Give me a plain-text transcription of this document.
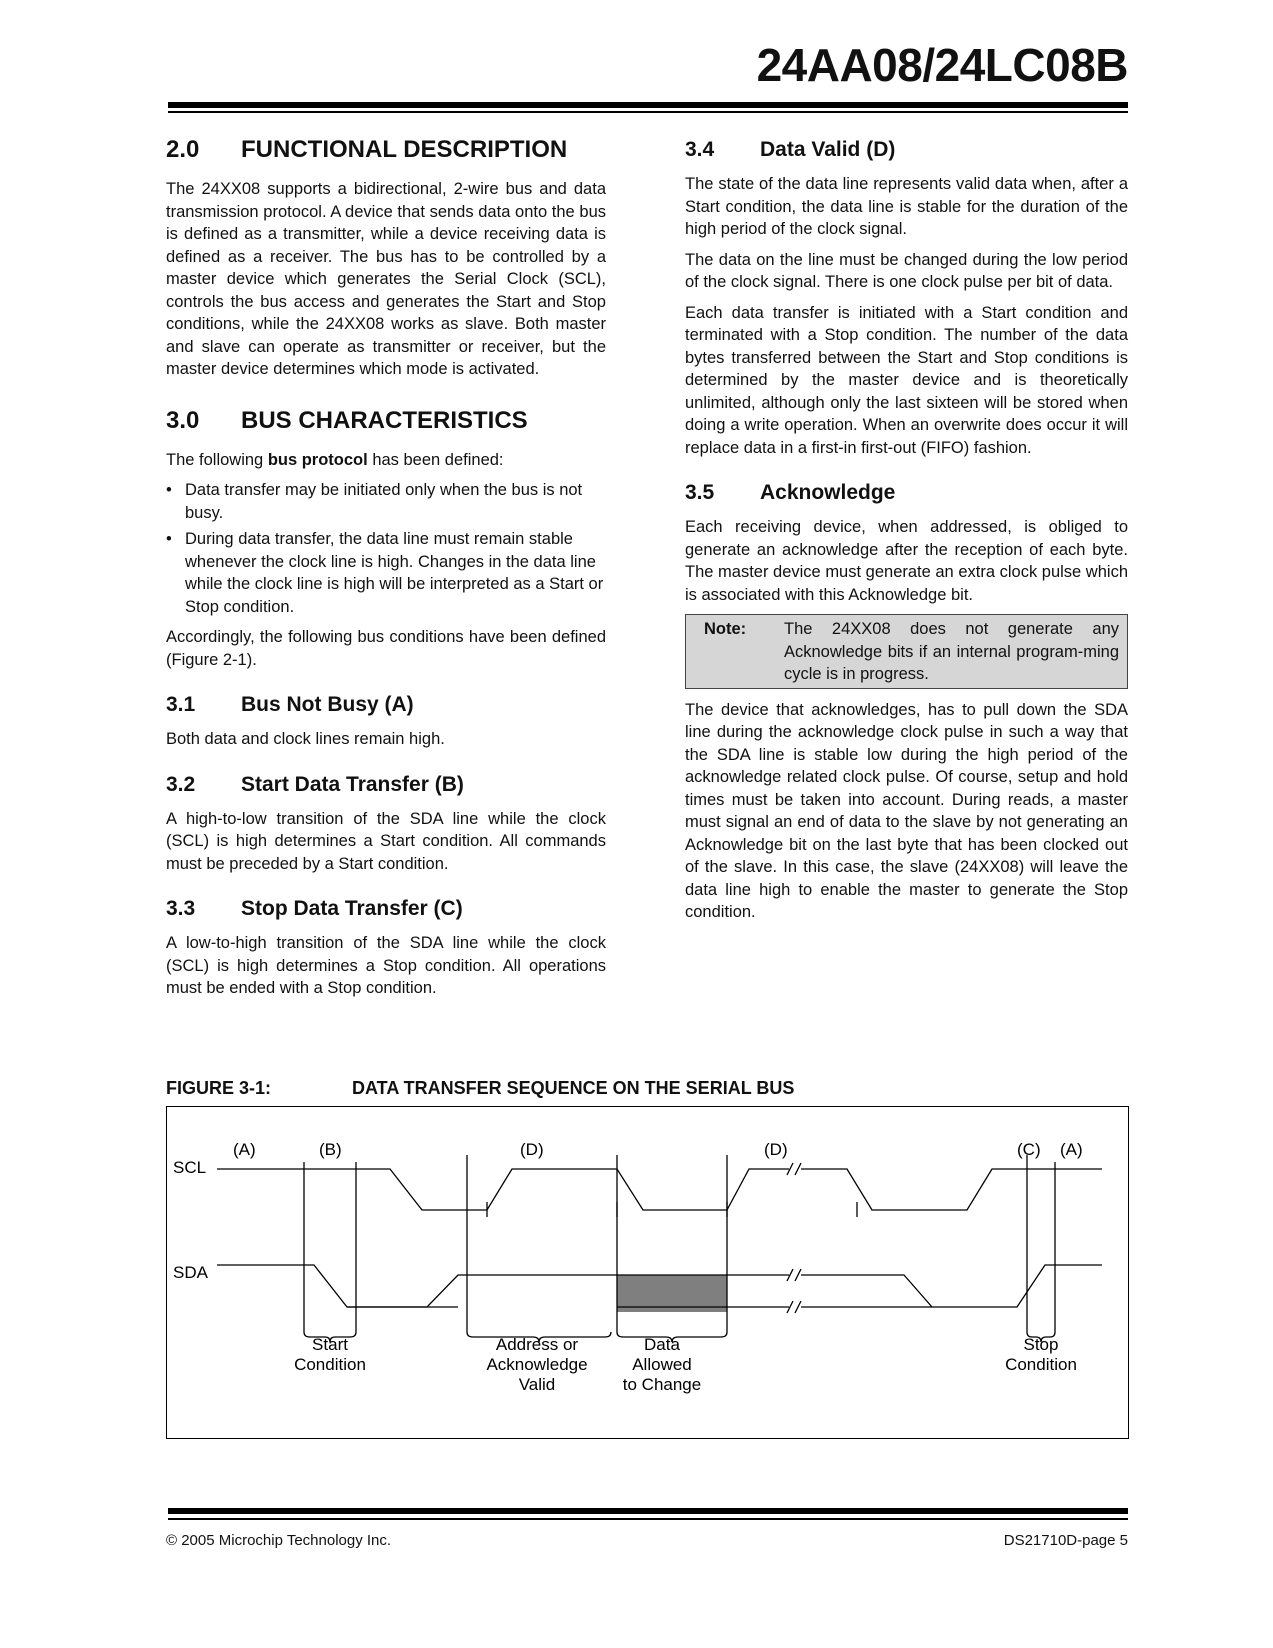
24AA08/24LC08B
2.0	FUNCTIONAL DESCRIPTION

The 24XX08 supports a bidirectional, 2-wire bus and data transmission protocol. A device that sends data onto the bus is defined as a transmitter, while a device receiving data is defined as a receiver. The bus has to be controlled by a master device which generates the Serial Clock (SCL), controls the bus access and generates the Start and Stop conditions, while the 24XX08 works as slave. Both master and slave can operate as transmitter or receiver, but the master device determines which mode is activated.

3.0	BUS CHARACTERISTICS

The following bus protocol has been defined:

• Data transfer may be initiated only when the bus is not busy.
• During data transfer, the data line must remain stable whenever the clock line is high. Changes in the data line while the clock line is high will be interpreted as a Start or Stop condition.

Accordingly, the following bus conditions have been defined (Figure 2-1).

3.1	Bus Not Busy (A)

Both data and clock lines remain high.

3.2	Start Data Transfer (B)

A high-to-low transition of the SDA line while the clock (SCL) is high determines a Start condition. All commands must be preceded by a Start condition.

3.3	Stop Data Transfer (C)

A low-to-high transition of the SDA line while the clock (SCL) is high determines a Stop condition. All operations must be ended with a Stop condition.

3.4	Data Valid (D)

The state of the data line represents valid data when, after a Start condition, the data line is stable for the duration of the high period of the clock signal.

The data on the line must be changed during the low period of the clock signal. There is one clock pulse per bit of data.

Each data transfer is initiated with a Start condition and terminated with a Stop condition. The number of the data bytes transferred between the Start and Stop conditions is determined by the master device and is theoretically unlimited, although only the last sixteen will be stored when doing a write operation. When an overwrite does occur it will replace data in a first-in first-out (FIFO) fashion.

3.5	Acknowledge

Each receiving device, when addressed, is obliged to generate an acknowledge after the reception of each byte. The master device must generate an extra clock pulse which is associated with this Acknowledge bit.

Note:	The 24XX08 does not generate any Acknowledge bits if an internal program-ming cycle is in progress.

The device that acknowledges, has to pull down the SDA line during the acknowledge clock pulse in such a way that the SDA line is stable low during the high period of the acknowledge related clock pulse. Of course, setup and hold times must be taken into account. During reads, a master must signal an end of data to the slave by not generating an Acknowledge bit on the last byte that has been clocked out of the slave. In this case, the slave (24XX08) will leave the data line high to enable the master to generate the Stop condition.

FIGURE 3-1:	DATA TRANSFER SEQUENCE ON THE SERIAL BUS
SCL
SDA
(A)	(B)	(D)	(D)	(C) (A)
Start
Condition
Address or
Acknowledge
Valid
Data
Allowed
to Change
Stop
Condition
© 2005 Microchip Technology Inc.	DS21710D-page 5
